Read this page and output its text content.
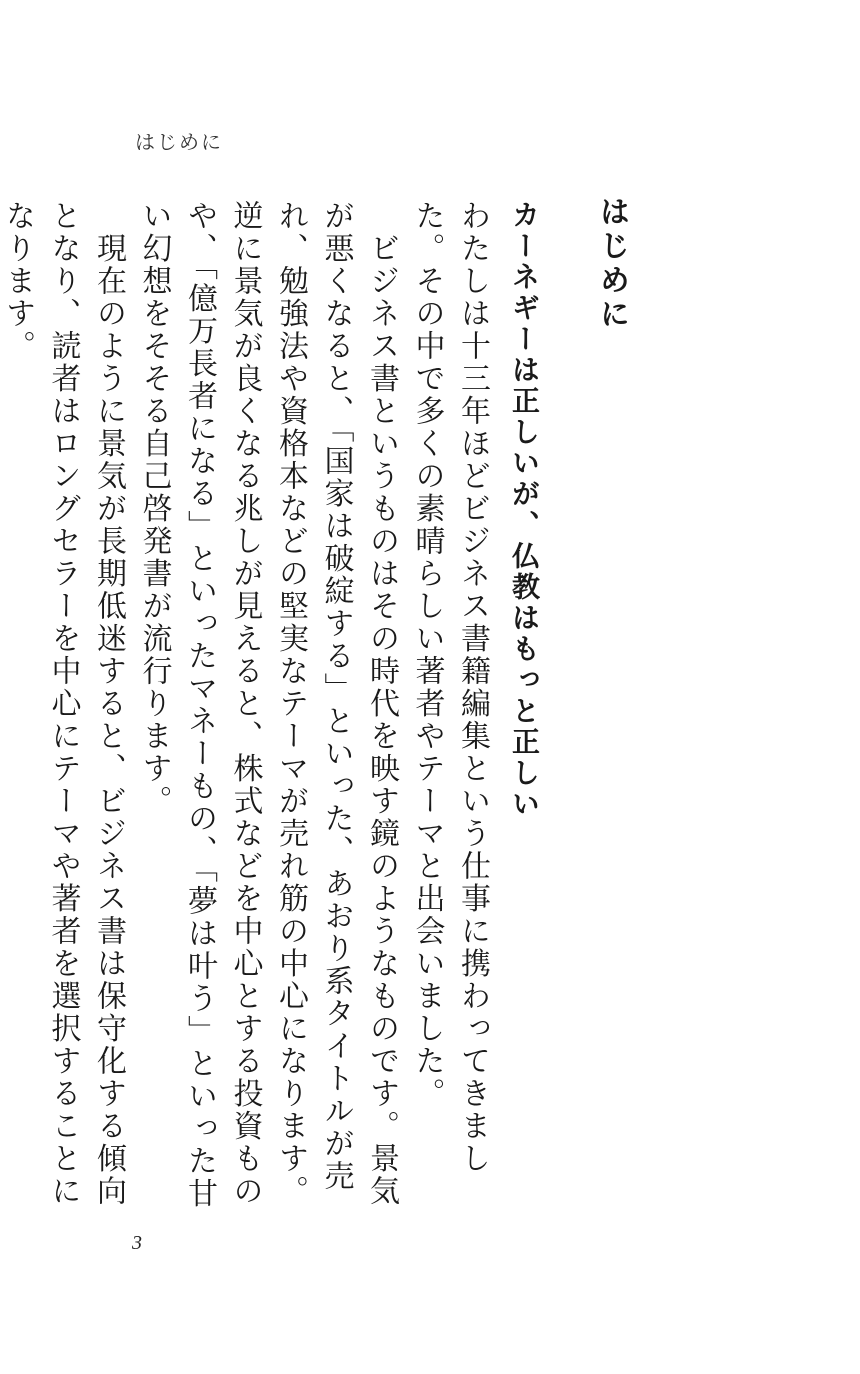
はじめに
はじめに
カーネギーは正しいが、仏教はもっと正しい

わたしは十三年ほどビジネス書籍編集という仕事に携わってきました。その中で多くの素晴らしい著者やテーマと出会いました。

　ビジネス書というものはその時代を映す鏡のようなものです。景気が悪くなると、「国家は破綻する」といった、あおり系タイトルが売れ、勉強法や資格本などの堅実なテーマが売れ筋の中心になります。逆に景気が良くなる兆しが見えると、株式などを中心とする投資ものや、「億万長者になる」といったマネーもの、「夢は叶う」といった甘い幻想をそそる自己啓発書が流行ります。

　現在のように景気が長期低迷すると、ビジネス書は保守化する傾向となり、読者はロングセラーを中心にテーマや著者を選択することになります。

3
